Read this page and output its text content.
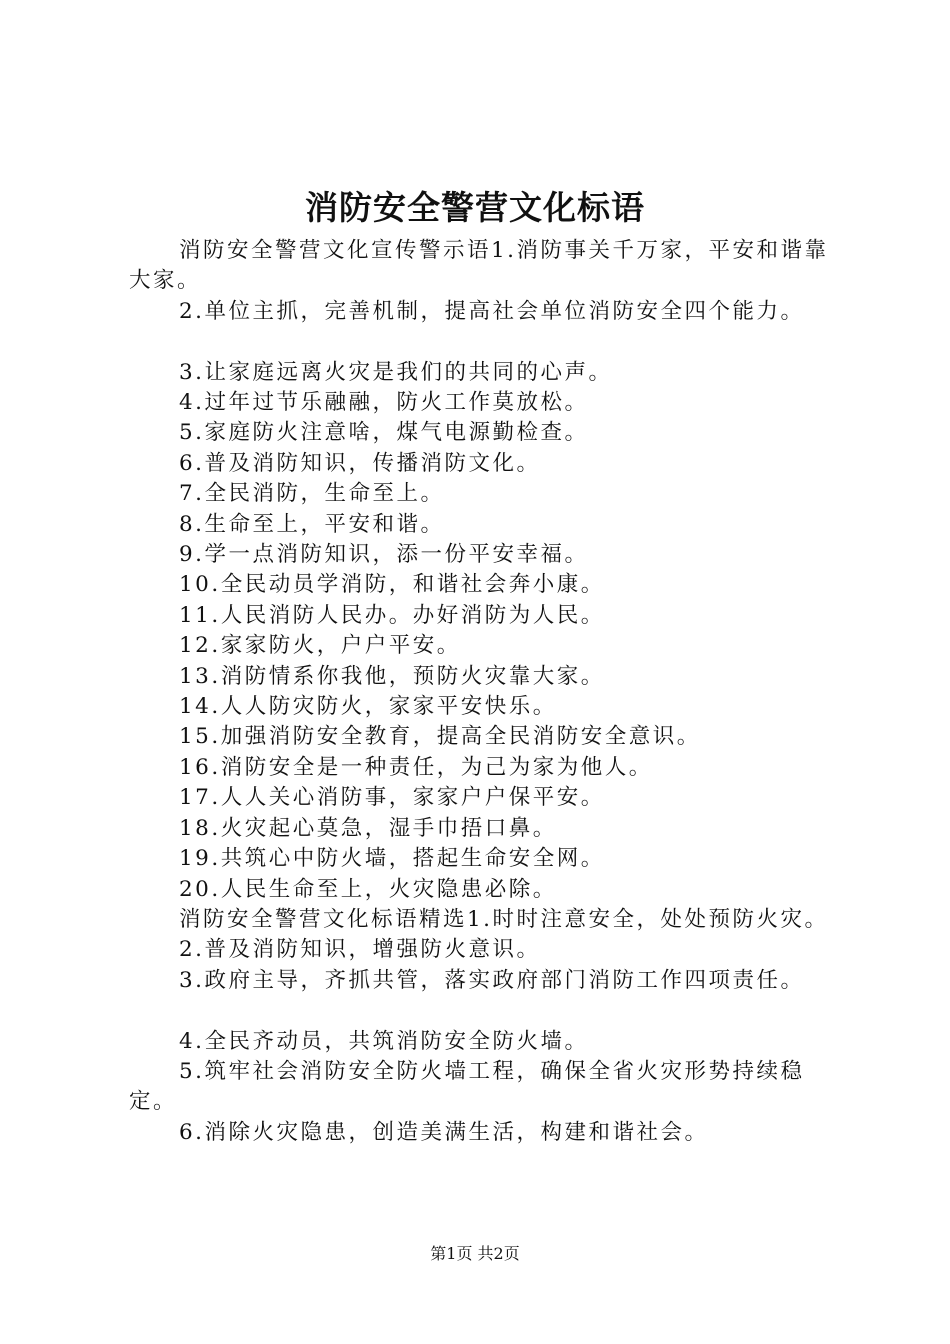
消防安全警营文化标语

消防安全警营文化宣传警示语1.消防事关千万家，平安和谐靠大家。

2.单位主抓，完善机制，提高社会单位消防安全四个能力。

3.让家庭远离火灾是我们的共同的心声。

4.过年过节乐融融，防火工作莫放松。

5.家庭防火注意啥，煤气电源勤检查。

6.普及消防知识，传播消防文化。

7.全民消防，生命至上。

8.生命至上，平安和谐。

9.学一点消防知识，添一份平安幸福。

10.全民动员学消防，和谐社会奔小康。

11.人民消防人民办。办好消防为人民。

12.家家防火，户户平安。

13.消防情系你我他，预防火灾靠大家。

14.人人防灾防火，家家平安快乐。

15.加强消防安全教育，提高全民消防安全意识。

16.消防安全是一种责任，为己为家为他人。

17.人人关心消防事，家家户户保平安。

18.火灾起心莫急，湿手巾捂口鼻。

19.共筑心中防火墙，搭起生命安全网。

20.人民生命至上，火灾隐患必除。

消防安全警营文化标语精选1.时时注意安全，处处预防火灾。

2.普及消防知识，增强防火意识。

3.政府主导，齐抓共管，落实政府部门消防工作四项责任。

4.全民齐动员，共筑消防安全防火墙。

5.筑牢社会消防安全防火墙工程，确保全省火灾形势持续稳定。

6.消除火灾隐患，创造美满生活，构建和谐社会。

第1页 共2页
